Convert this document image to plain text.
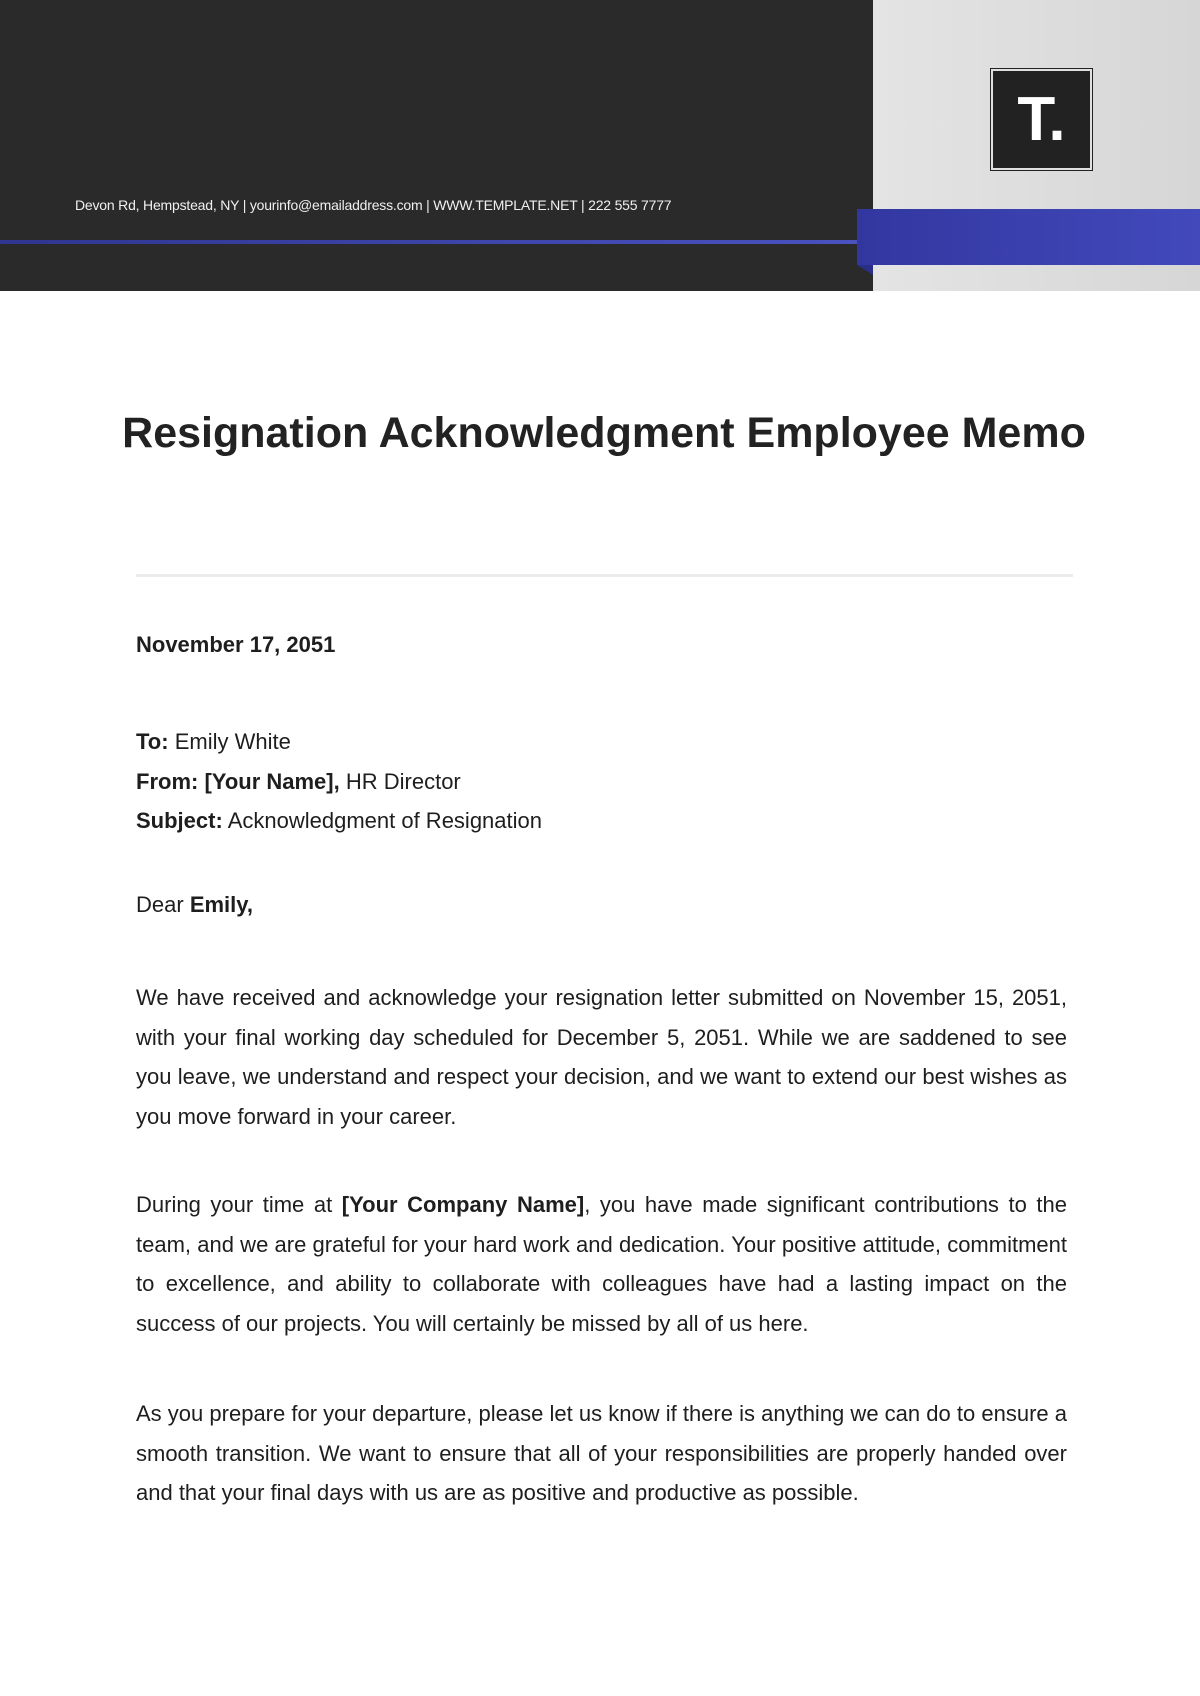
Devon Rd, Hempstead, NY | yourinfo@emailaddress.com | WWW.TEMPLATE.NET | 222 555 7777
T.
Resignation Acknowledgment Employee Memo
November 17, 2051
To: Emily White
From: [Your Name], HR Director
Subject: Acknowledgment of Resignation
Dear Emily,

We have received and acknowledge your resignation letter submitted on November 15, 2051, with your final working day scheduled for December 5, 2051. While we are saddened to see you leave, we understand and respect your decision, and we want to extend our best wishes as you move forward in your career.

During your time at [Your Company Name], you have made significant contributions to the team, and we are grateful for your hard work and dedication. Your positive attitude, commitment to excellence, and ability to collaborate with colleagues have had a lasting impact on the success of our projects. You will certainly be missed by all of us here.

As you prepare for your departure, please let us know if there is anything we can do to ensure a smooth transition. We want to ensure that all of your responsibilities are properly handed over and that your final days with us are as positive and productive as possible.
